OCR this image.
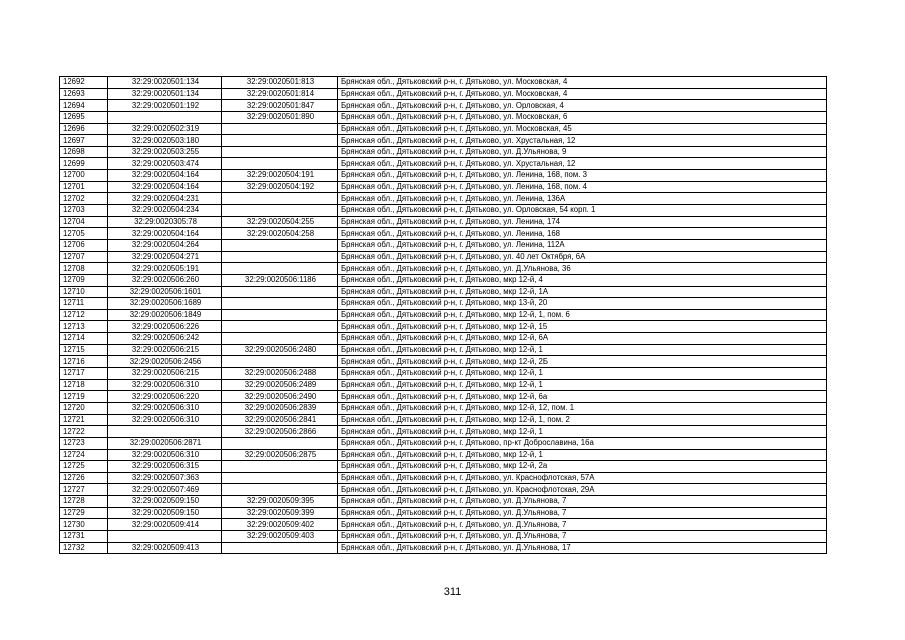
12692	32:29:0020501:134	32:29:0020501:813	Брянская обл., Дятьковский р-н, г. Дятьково, ул. Московская, 4
12693	32:29:0020501:134	32:29:0020501:814	Брянская обл., Дятьковский р-н, г. Дятьково, ул. Московская, 4
12694	32:29:0020501:192	32:29:0020501:847	Брянская обл., Дятьковский р-н, г. Дятьково, ул. Орловская, 4
12695		32:29:0020501:890	Брянская обл., Дятьковский р-н, г. Дятьково, ул. Московская, 6
12696	32:29:0020502:319		Брянская обл., Дятьковский р-н, г. Дятьково, ул. Московская, 45
12697	32:29:0020503:180		Брянская обл., Дятьковский р-н, г. Дятьково, ул. Хрустальная, 12
12698	32:29:0020503:255		Брянская обл., Дятьковский р-н, г. Дятьково, ул. Д.Ульянова, 9
12699	32:29:0020503:474		Брянская обл., Дятьковский р-н, г. Дятьково, ул. Хрустальная, 12
12700	32:29:0020504:164	32:29:0020504:191	Брянская обл., Дятьковский р-н, г. Дятьково, ул. Ленина, 168, пом. 3
12701	32:29:0020504:164	32:29:0020504:192	Брянская обл., Дятьковский р-н, г. Дятьково, ул. Ленина, 168, пом. 4
12702	32:29:0020504:231		Брянская обл., Дятьковский р-н, г. Дятьково, ул. Ленина, 136А
12703	32:29:0020504:234		Брянская обл., Дятьковский р-н, г. Дятьково, ул. Орловская, 54 корп. 1
12704	32:29:0020305:78	32:29:0020504:255	Брянская обл., Дятьковский р-н, г. Дятьково, ул. Ленина, 174
12705	32:29:0020504:164	32:29:0020504:258	Брянская обл., Дятьковский р-н, г. Дятьково, ул. Ленина, 168
12706	32:29:0020504:264		Брянская обл., Дятьковский р-н, г. Дятьково, ул. Ленина, 112А
12707	32:29:0020504:271		Брянская обл., Дятьковский р-н, г. Дятьково, ул. 40 лет Октября, 6А
12708	32:29:0020505:191		Брянская обл., Дятьковский р-н, г. Дятьково, ул. Д.Ульянова, 36
12709	32:29:0020506:260	32:29:0020506:1186	Брянская обл., Дятьковский р-н, г. Дятьково, мкр 12-й, 4
12710	32:29:0020506:1601		Брянская обл., Дятьковский р-н, г. Дятьково, мкр 12-й, 1А
12711	32:29:0020506:1689		Брянская обл., Дятьковский р-н, г. Дятьково, мкр 13-й, 20
12712	32:29:0020506:1849		Брянская обл., Дятьковский р-н, г. Дятьково, мкр 12-й, 1, пом. 6
12713	32:29:0020506:226		Брянская обл., Дятьковский р-н, г. Дятьково, мкр 12-й, 15
12714	32:29:0020506:242		Брянская обл., Дятьковский р-н, г. Дятьково, мкр 12-й, 6А
12715	32:29:0020506:215	32:29:0020506:2480	Брянская обл., Дятьковский р-н, г. Дятьково, мкр 12-й, 1
12716	32:29:0020506:2456		Брянская обл., Дятьковский р-н, г. Дятьково, мкр 12-й, 2Б
12717	32:29:0020506:215	32:29:0020506:2488	Брянская обл., Дятьковский р-н, г. Дятьково, мкр 12-й, 1
12718	32:29:0020506:310	32:29:0020506:2489	Брянская обл., Дятьковский р-н, г. Дятьково, мкр 12-й, 1
12719	32:29:0020506:220	32:29:0020506:2490	Брянская обл., Дятьковский р-н, г. Дятьково, мкр 12-й, 6а
12720	32:29:0020506:310	32:29:0020506:2839	Брянская обл., Дятьковский р-н, г. Дятьково, мкр 12-й, 12, пом. 1
12721	32:29:0020506:310	32:29:0020506:2841	Брянская обл., Дятьковский р-н, г. Дятьково, мкр 12-й, 1, пом. 2
12722		32:29:0020506:2866	Брянская обл., Дятьковский р-н, г. Дятьково, мкр 12-й, 1
12723	32:29:0020506:2871		Брянская обл., Дятьковский р-н, г. Дятьково, пр-кт Доброславина, 16а
12724	32:29:0020506:310	32:29:0020506:2875	Брянская обл., Дятьковский р-н, г. Дятьково, мкр 12-й, 1
12725	32:29:0020506:315		Брянская обл., Дятьковский р-н, г. Дятьково, мкр 12-й, 2а
12726	32:29:0020507:363		Брянская обл., Дятьковский р-н, г. Дятьково, ул. Краснофлотская, 57А
12727	32:29:0020507:469		Брянская обл., Дятьковский р-н, г. Дятьково, ул. Краснофлотская, 29А
12728	32:29:0020509:150	32:29:0020509:395	Брянская обл., Дятьковский р-н, г. Дятьково, ул. Д.Ульянова, 7
12729	32:29:0020509:150	32:29:0020509:399	Брянская обл., Дятьковский р-н, г. Дятьково, ул. Д.Ульянова, 7
12730	32:29:0020509:414	32:29:0020509:402	Брянская обл., Дятьковский р-н, г. Дятьково, ул. Д.Ульянова, 7
12731		32:29:0020509:403	Брянская обл., Дятьковский р-н, г. Дятьково, ул. Д.Ульянова, 7
12732	32:29:0020509:413		Брянская обл., Дятьковский р-н, г. Дятьково, ул. Д.Ульянова, 17
311
